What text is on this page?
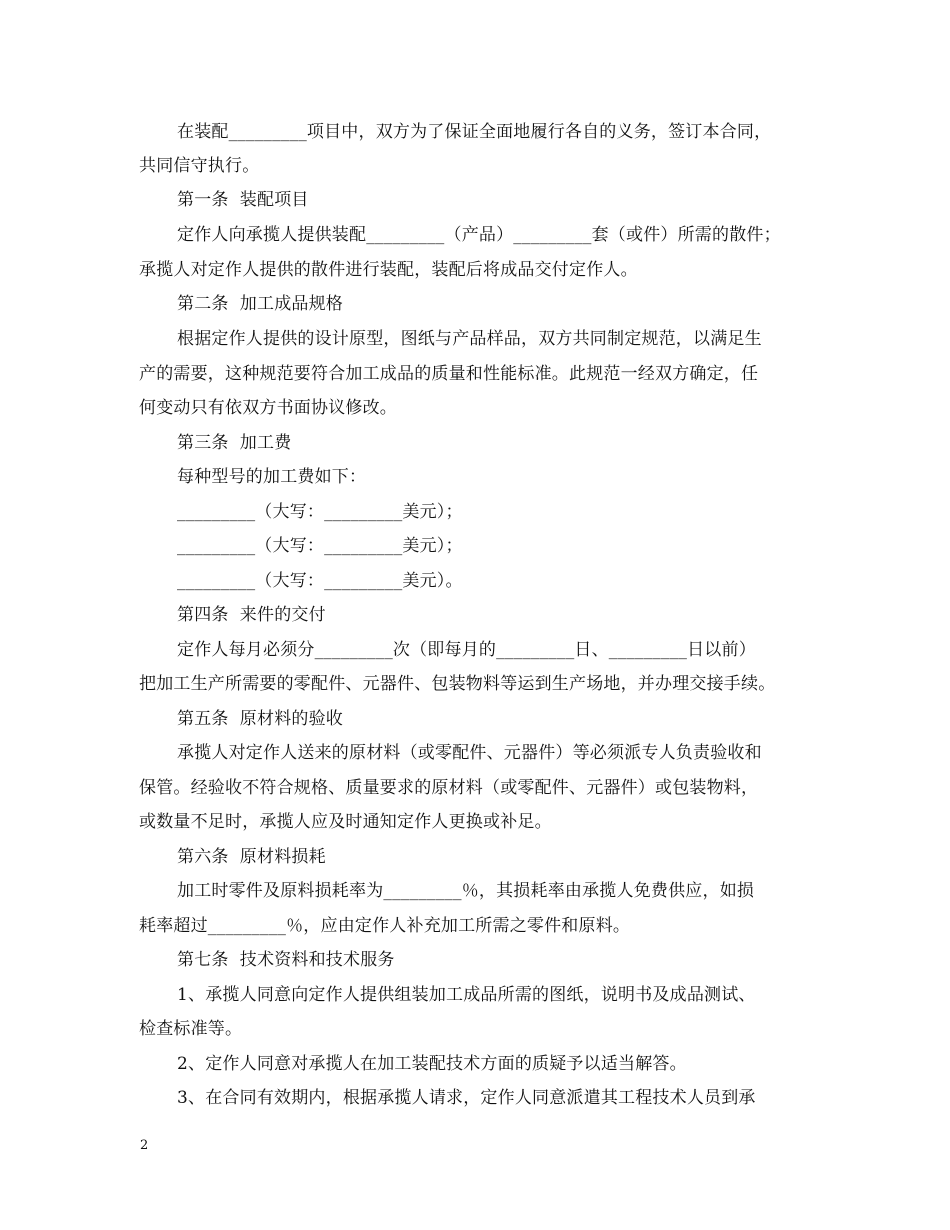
在装配_________项目中，双方为了保证全面地履行各自的义务，签订本合同，
共同信守执行。
第一条  装配项目
定作人向承揽人提供装配_________（产品）_________套（或件）所需的散件；
承揽人对定作人提供的散件进行装配，装配后将成品交付定作人。
第二条  加工成品规格
根据定作人提供的设计原型，图纸与产品样品，双方共同制定规范，以满足生
产的需要，这种规范要符合加工成品的质量和性能标准。此规范一经双方确定，任
何变动只有依双方书面协议修改。
第三条  加工费
每种型号的加工费如下：
_________（大写：_________美元）；
_________（大写：_________美元）；
_________（大写：_________美元）。
第四条  来件的交付
定作人每月必须分_________次（即每月的_________日、_________日以前）
把加工生产所需要的零配件、元器件、包装物料等运到生产场地，并办理交接手续。
第五条  原材料的验收
承揽人对定作人送来的原材料（或零配件、元器件）等必须派专人负责验收和
保管。经验收不符合规格、质量要求的原材料（或零配件、元器件）或包装物料，
或数量不足时，承揽人应及时通知定作人更换或补足。
第六条  原材料损耗
加工时零件及原料损耗率为_________％，其损耗率由承揽人免费供应，如损
耗率超过_________％，应由定作人补充加工所需之零件和原料。
第七条  技术资料和技术服务
1、承揽人同意向定作人提供组装加工成品所需的图纸，说明书及成品测试、
检查标准等。
2、定作人同意对承揽人在加工装配技术方面的质疑予以适当解答。
3、在合同有效期内，根据承揽人请求，定作人同意派遣其工程技术人员到承
2
